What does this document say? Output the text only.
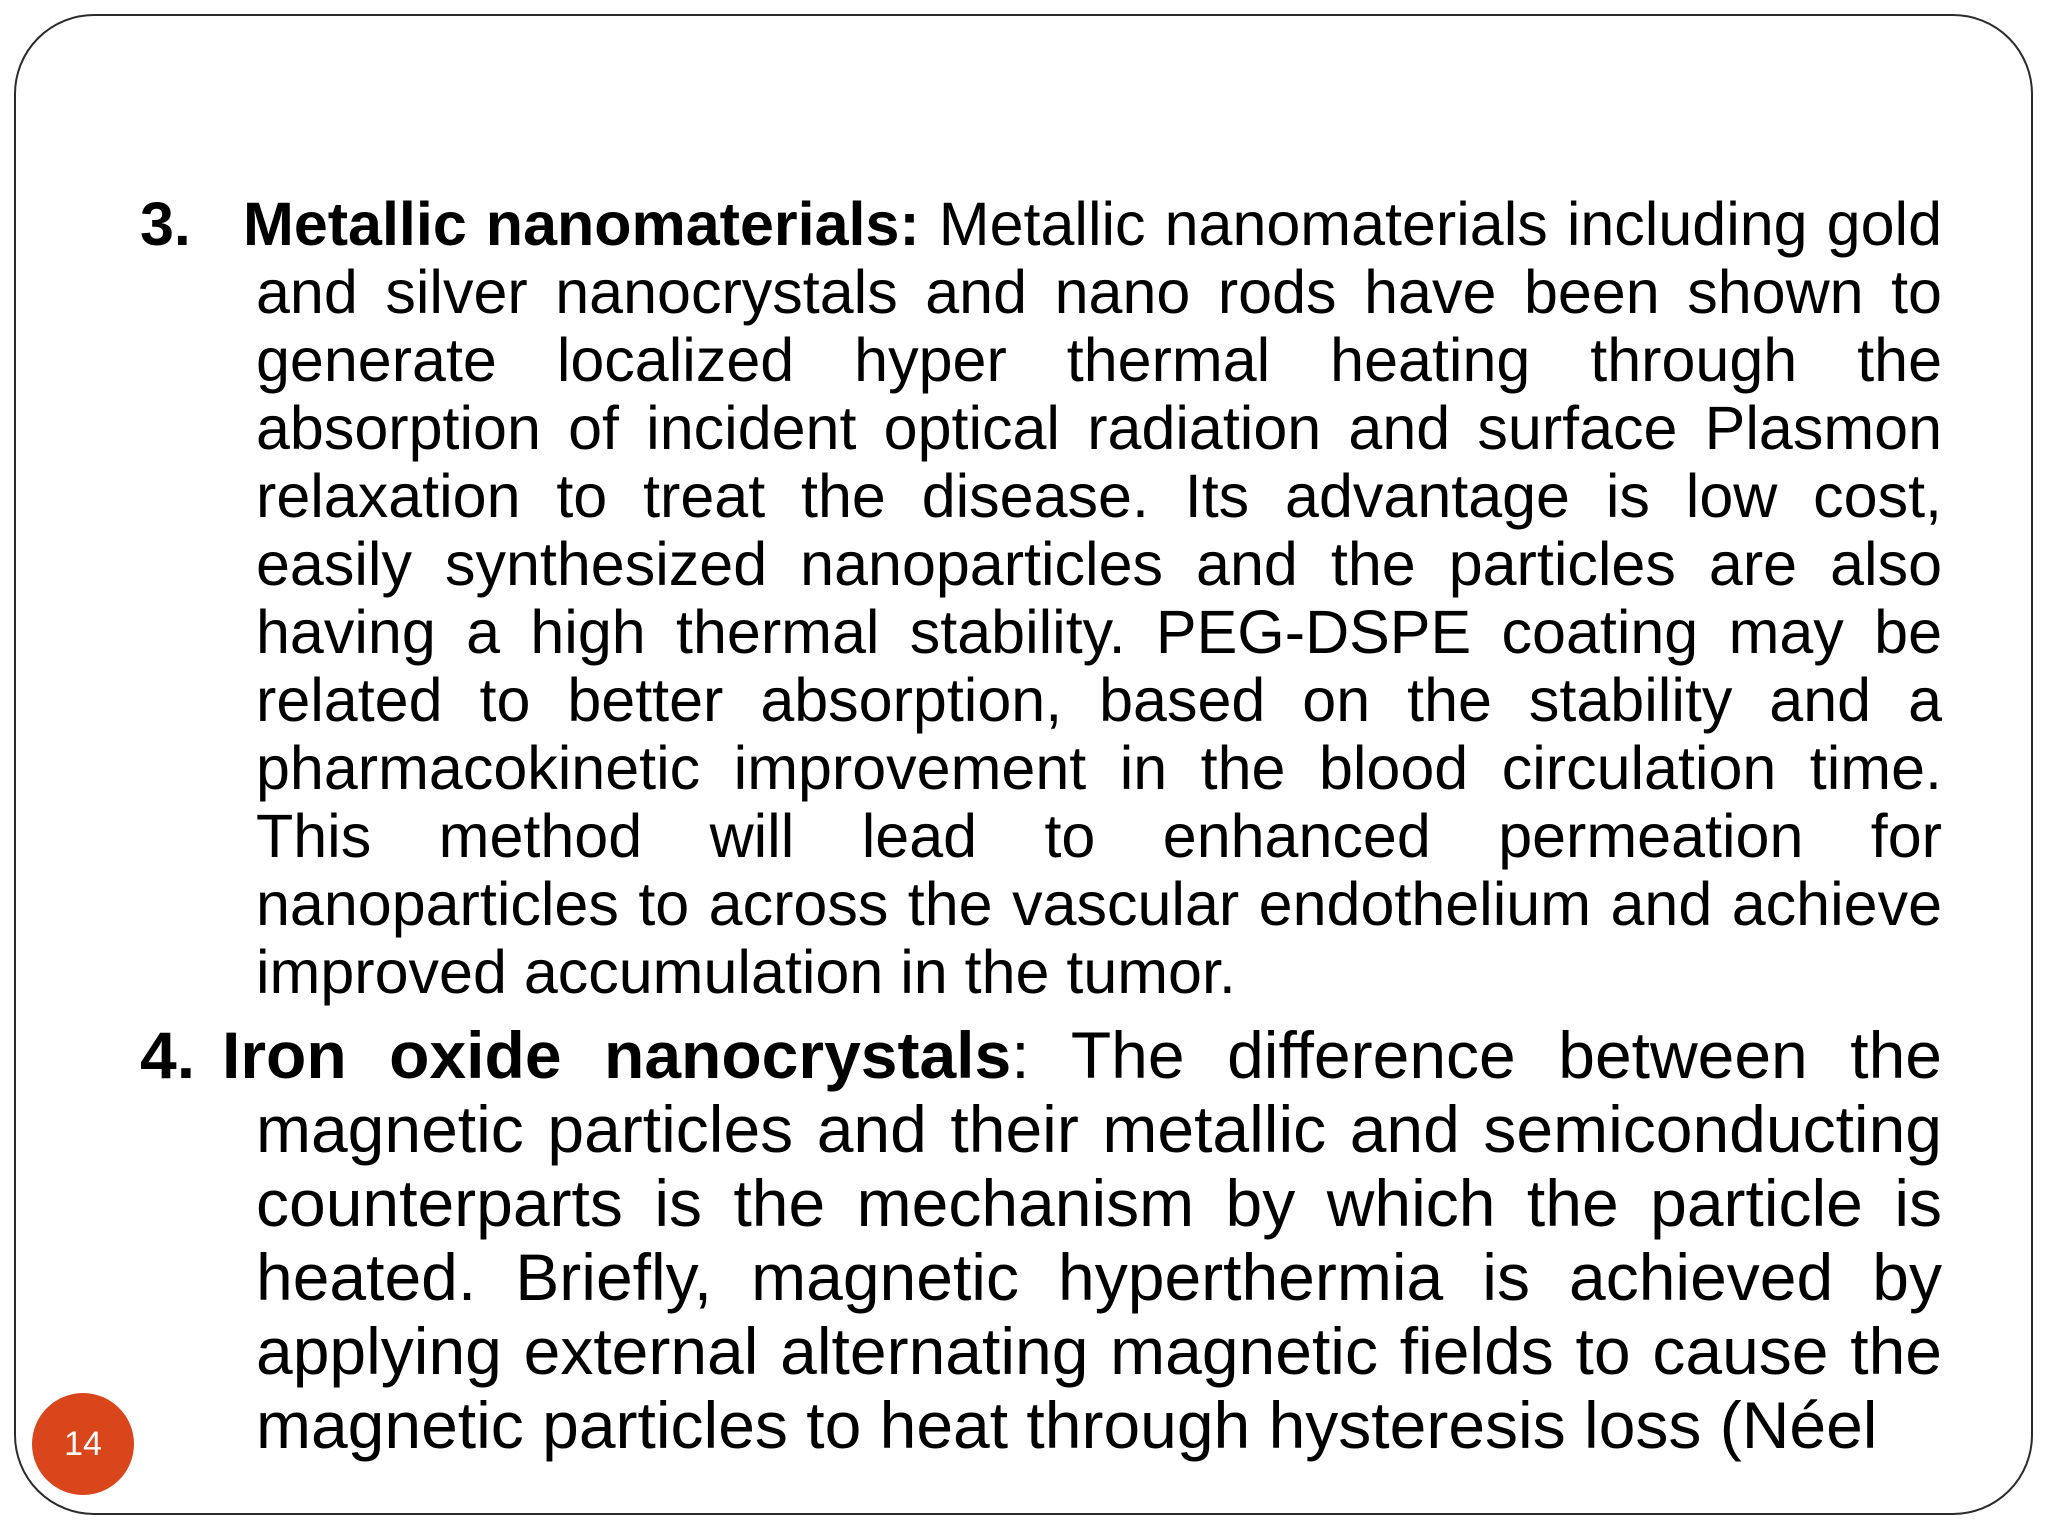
3. Metallic nanomaterials: Metallic nanomaterials including gold and silver nanocrystals and nano rods have been shown to generate localized hyper thermal heating through the absorption of incident optical radiation and surface Plasmon relaxation to treat the disease. Its advantage is low cost, easily synthesized nanoparticles and the particles are also having a high thermal stability. PEG-DSPE coating may be related to better absorption, based on the stability and a pharmacokinetic improvement in the blood circulation time. This method will lead to enhanced permeation for nanoparticles to across the vascular endothelium and achieve improved accumulation in the tumor.
4. Iron oxide nanocrystals: The difference between the magnetic particles and their metallic and semiconducting counterparts is the mechanism by which the particle is heated. Briefly, magnetic hyperthermia is achieved by applying external alternating magnetic fields to cause the magnetic particles to heat through hysteresis loss (Néel
14
